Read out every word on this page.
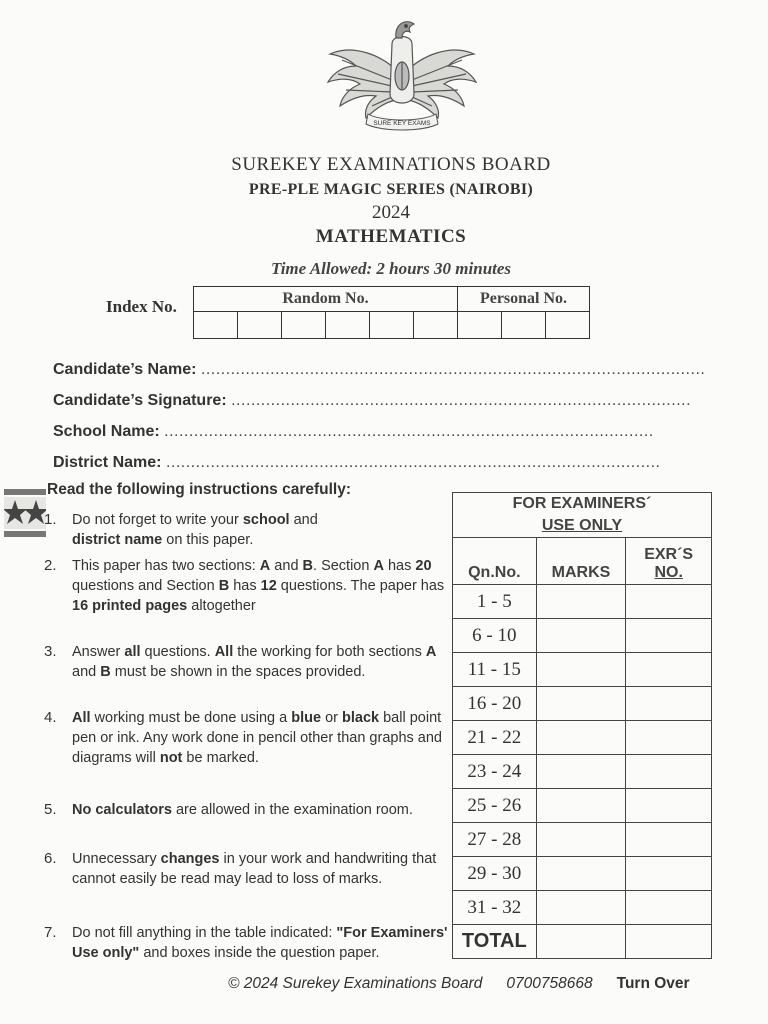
SURE KEY EXAMS
SUREKEY EXAMINATIONS BOARD
PRE-PLE MAGIC SERIES (NAIROBI)
2024
MATHEMATICS
Time Allowed: 2 hours 30 minutes
Index No.	Random No.						Personal No.		

Candidate’s Name: ......................................................................................................
Candidate’s Signature: .............................................................................................
School Name: ...................................................................................................
District Name: ....................................................................................................
Read the following instructions carefully:
1.	Do not forget to write your school and
district name on this paper.
2.	This paper has two sections: A and B. Section A has 20 questions and Section B has 12 questions. The paper has 16 printed pages altogether
3.	Answer all questions. All the working for both sections A and B must be shown in the spaces provided.
4.	All working must be done using a blue or black ball point pen or ink. Any work done in pencil other than graphs and diagrams will not be marked.
5.	No calculators are allowed in the examination room.
6.	Unnecessary changes in your work and handwriting that cannot easily be read may lead to loss of marks.
7.	Do not fill anything in the table indicated: "For Examiners' Use only" and boxes inside the question paper.
FOR EXAMINERS´
USE ONLY		
Qn.No.	MARKS	EXR´S
NO.

1 - 5		
6 - 10		
11 - 15		
16 - 20		
21 - 22		
23 - 24		
25 - 26		
27 - 28		
29 - 30		
31 - 32		
TOTAL		
© 2024 Surekey Examinations Board 0700758668 Turn Over
